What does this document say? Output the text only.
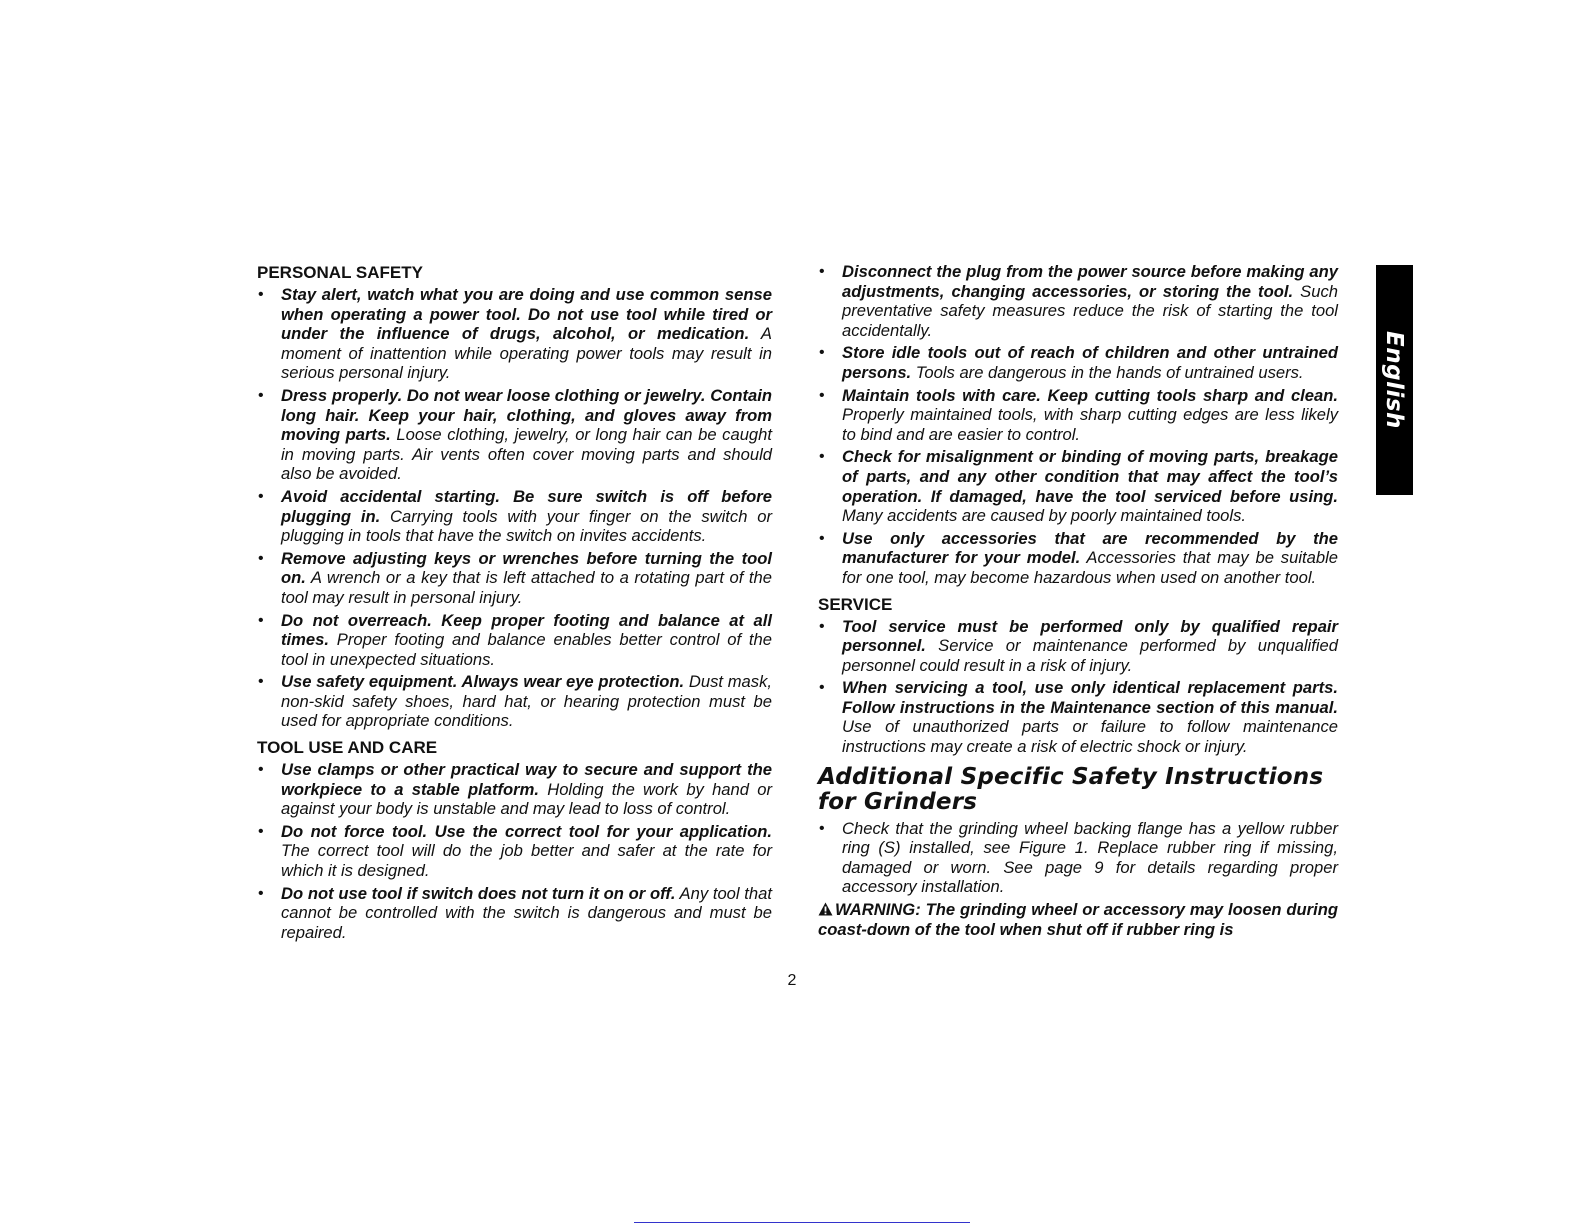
PERSONAL SAFETY
• Stay alert, watch what you are doing and use common sense when operating a power tool. Do not use tool while tired or under the influence of drugs, alcohol, or medication. A moment of inattention while operating power tools may result in serious personal injury.
• Dress properly. Do not wear loose clothing or jewelry. Contain long hair. Keep your hair, clothing, and gloves away from moving parts. Loose clothing, jewelry, or long hair can be caught in moving parts. Air vents often cover moving parts and should also be avoided.
• Avoid accidental starting. Be sure switch is off before plugging in. Carrying tools with your finger on the switch or plugging in tools that have the switch on invites accidents.
• Remove adjusting keys or wrenches before turning the tool on. A wrench or a key that is left attached to a rotating part of the tool may result in personal injury.
• Do not overreach. Keep proper footing and balance at all times. Proper footing and balance enables better control of the tool in unexpected situations.
• Use safety equipment. Always wear eye protection. Dust mask, non-skid safety shoes, hard hat, or hearing protection must be used for appropriate conditions.
TOOL USE AND CARE
• Use clamps or other practical way to secure and support the workpiece to a stable platform. Holding the work by hand or against your body is unstable and may lead to loss of control.
• Do not force tool. Use the correct tool for your application. The correct tool will do the job better and safer at the rate for which it is designed.
• Do not use tool if switch does not turn it on or off. Any tool that cannot be controlled with the switch is dangerous and must be repaired.
• Disconnect the plug from the power source before making any adjustments, changing accessories, or storing the tool. Such preventative safety measures reduce the risk of starting the tool accidentally.
• Store idle tools out of reach of children and other untrained persons. Tools are dangerous in the hands of untrained users.
• Maintain tools with care. Keep cutting tools sharp and clean. Properly maintained tools, with sharp cutting edges are less likely to bind and are easier to control.
• Check for misalignment or binding of moving parts, breakage of parts, and any other condition that may affect the tool’s operation. If damaged, have the tool serviced before using. Many accidents are caused by poorly maintained tools.
• Use only accessories that are recommended by the manufacturer for your model. Accessories that may be suitable for one tool, may become hazardous when used on another tool.
SERVICE
• Tool service must be performed only by qualified repair personnel. Service or maintenance performed by unqualified personnel could result in a risk of injury.
• When servicing a tool, use only identical replacement parts. Follow instructions in the Maintenance section of this manual. Use of unauthorized parts or failure to follow maintenance instructions may create a risk of electric shock or injury.
Additional Specific Safety Instructions for Grinders
• Check that the grinding wheel backing flange has a yellow rubber ring (S) installed, see Figure 1. Replace rubber ring if missing, damaged or worn. See page 9 for details regarding proper accessory installation.
WARNING: The grinding wheel or accessory may loosen during coast-down of the tool when shut off if rubber ring is
English
2
